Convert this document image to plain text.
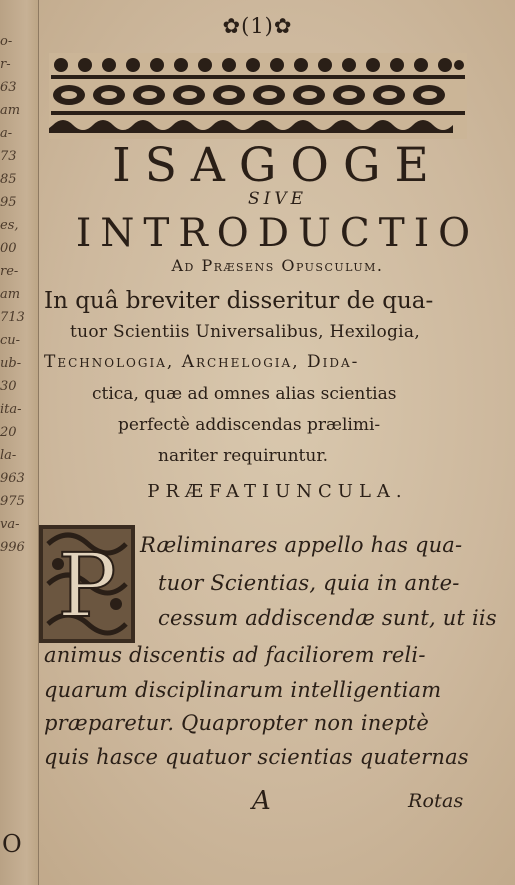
o-
r-
63
am
a-
73
85
95
es,
00
re-
am
713
cu-
ub-
30
ita-
20
la-
963
975
va-
996
O
✿(1)✿
ISAGOGE
SIVE
INTRODUCTIO
Ad Præsens Opusculum.
In quâ breviter disseritur de qua-
tuor Scientiis Universalibus, Hexilogia,
Technologia, Archelogia, Dida-
ctica, quæ ad omnes alias scientias
perfectè addiscendas prælimi-
nariter requiruntur.
PRÆFATIUNCULA.
P Ræliminares appello has qua-
tuor Scientias, quia in ante-
cessum addiscendæ sunt, ut iis
animus discentis ad faciliorem reli-
quarum disciplinarum intelligentiam
præparetur. Quapropter non ineptè
quis hasce quatuor scientias quaternas
A	Rotas
